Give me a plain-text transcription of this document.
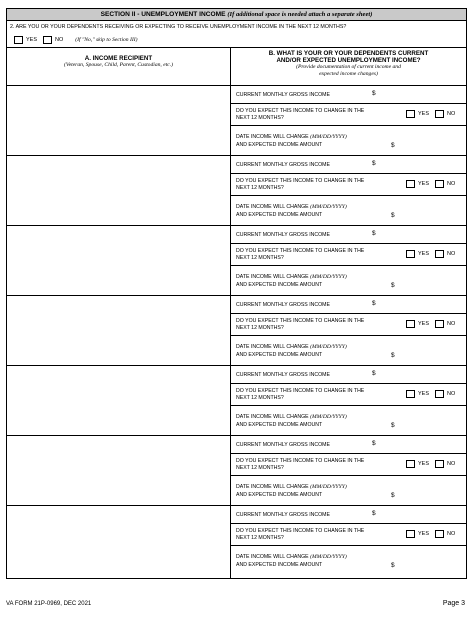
SECTION II - UNEMPLOYMENT INCOME (If additional space is needed attach a separate sheet)
2. ARE YOU OR YOUR DEPENDENTS RECEIVING OR EXPECTING TO RECEIVE UNEMPLOYMENT INCOME IN THE NEXT 12 MONTHS?
YES	NO (If "No," skip to Section III)
A. INCOME RECIPIENT
(Veteran, Spouse, Child, Parent, Custodian, etc.)
B. WHAT IS YOUR OR YOUR DEPENDENTS CURRENT
AND/OR EXPECTED UNEMPLOYMENT INCOME?
(Provide documentation of current income and
expected income changes)
CURRENT MONTHLY GROSS INCOME	$
DO YOU EXPECT THIS INCOME TO CHANGE IN THE
NEXT 12 MONTHS?
YES	NO
DATE INCOME WILL CHANGE (MM/DD/YYYY)
AND EXPECTED INCOME AMOUNT	$
CURRENT MONTHLY GROSS INCOME	$
DO YOU EXPECT THIS INCOME TO CHANGE IN THE
NEXT 12 MONTHS?
YES	NO
DATE INCOME WILL CHANGE (MM/DD/YYYY)
AND EXPECTED INCOME AMOUNT	$
CURRENT MONTHLY GROSS INCOME	$
DO YOU EXPECT THIS INCOME TO CHANGE IN THE
NEXT 12 MONTHS?
YES	NO
DATE INCOME WILL CHANGE (MM/DD/YYYY)
AND EXPECTED INCOME AMOUNT	$
CURRENT MONTHLY GROSS INCOME	$
DO YOU EXPECT THIS INCOME TO CHANGE IN THE
NEXT 12 MONTHS?
YES	NO
DATE INCOME WILL CHANGE (MM/DD/YYYY)
AND EXPECTED INCOME AMOUNT	$
CURRENT MONTHLY GROSS INCOME	$
DO YOU EXPECT THIS INCOME TO CHANGE IN THE
NEXT 12 MONTHS?
YES	NO
DATE INCOME WILL CHANGE (MM/DD/YYYY)
AND EXPECTED INCOME AMOUNT	$
CURRENT MONTHLY GROSS INCOME	$
DO YOU EXPECT THIS INCOME TO CHANGE IN THE
NEXT 12 MONTHS?
YES	NO
DATE INCOME WILL CHANGE (MM/DD/YYYY)
AND EXPECTED INCOME AMOUNT	$
CURRENT MONTHLY GROSS INCOME	$
DO YOU EXPECT THIS INCOME TO CHANGE IN THE
NEXT 12 MONTHS?
YES	NO
DATE INCOME WILL CHANGE (MM/DD/YYYY)
AND EXPECTED INCOME AMOUNT	$
VA FORM 21P-0969, DEC 2021	Page 3
